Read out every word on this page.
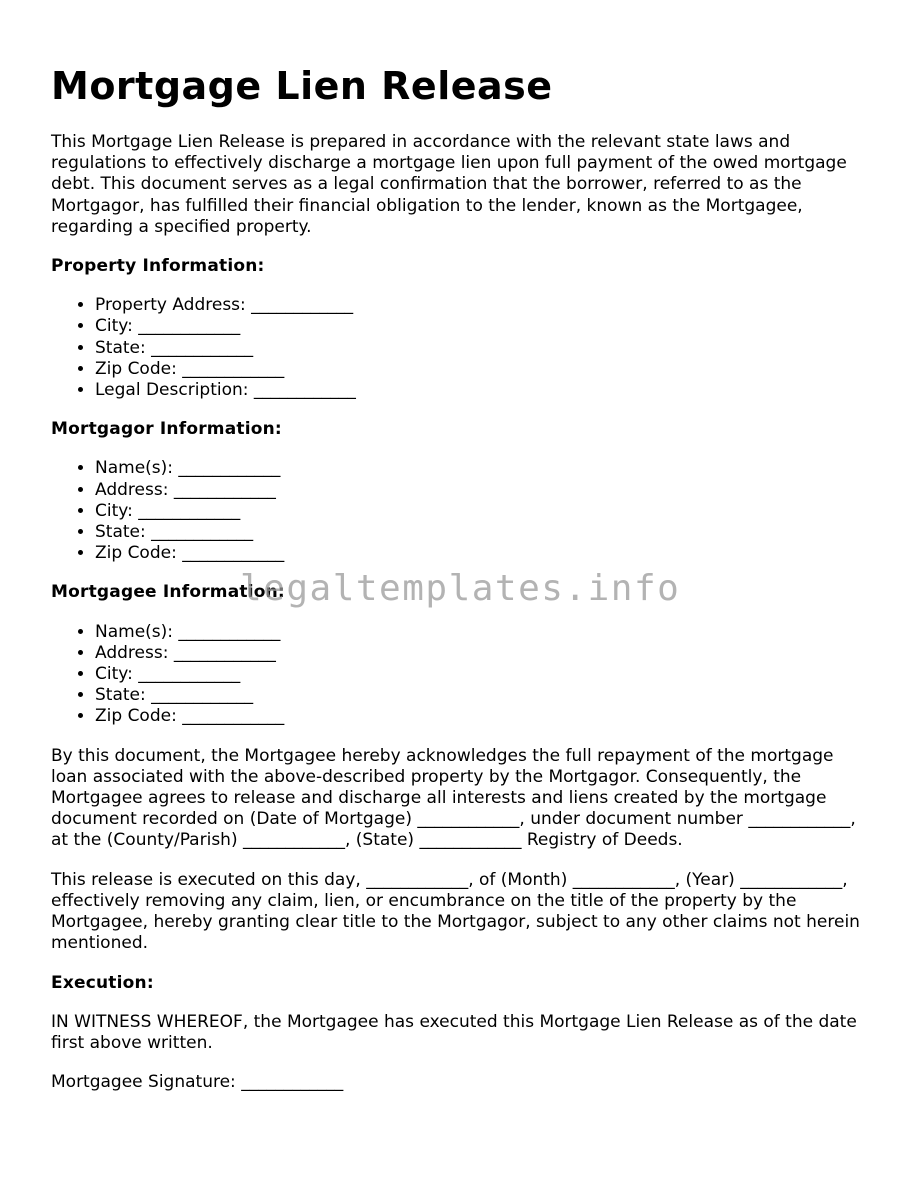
Mortgage Lien Release

This Mortgage Lien Release is prepared in accordance with the relevant state laws and regulations to effectively discharge a mortgage lien upon full payment of the owed mortgage debt. This document serves as a legal confirmation that the borrower, referred to as the Mortgagor, has fulfilled their financial obligation to the lender, known as the Mortgagee, regarding a specified property.

Property Information:
• Property Address: ____________
• City: ____________
• State: ____________
• Zip Code: ____________
• Legal Description: ____________
Mortgagor Information:
• Name(s): ____________
• Address: ____________
• City: ____________
• State: ____________
• Zip Code: ____________
Mortgagee Information:
• Name(s): ____________
• Address: ____________
• City: ____________
• State: ____________
• Zip Code: ____________

By this document, the Mortgagee hereby acknowledges the full repayment of the mortgage loan associated with the above-described property by the Mortgagor. Consequently, the Mortgagee agrees to release and discharge all interests and liens created by the mortgage document recorded on (Date of Mortgage) ____________, under document number ____________, at the (County/Parish) ____________, (State) ____________ Registry of Deeds.

This release is executed on this day, ____________, of (Month) ____________, (Year) ____________, effectively removing any claim, lien, or encumbrance on the title of the property by the Mortgagee, hereby granting clear title to the Mortgagor, subject to any other claims not herein mentioned.

Execution:

IN WITNESS WHEREOF, the Mortgagee has executed this Mortgage Lien Release as of the date first above written.

Mortgagee Signature: ____________

legaltemplates.info
